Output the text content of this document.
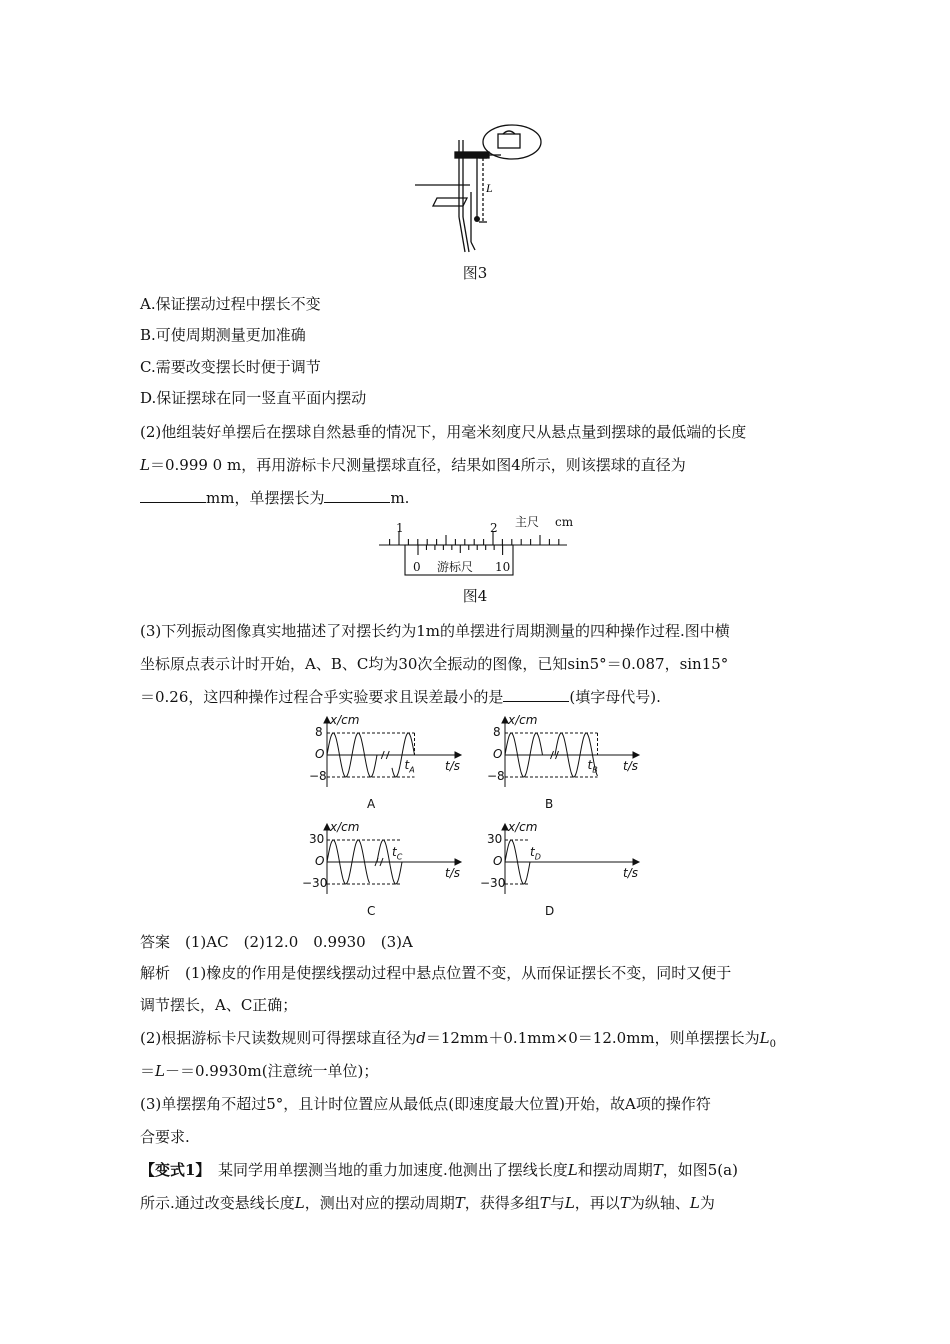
L
图3
A.保证摆动过程中摆长不变
B.可使周期测量更加准确
C.需要改变摆长时便于调节
D.保证摆球在同一竖直平面内摆动
(2)他组装好单摆后在摆球自然悬垂的情况下，用毫米刻度尺从悬点量到摆球的最低端的长度
L＝0.999 0 m，再用游标卡尺测量摆球直径，结果如图4所示，则该摆球的直径为
mm，单摆摆长为	m.
1	2 主尺 cm
0 游标尺 10
图4
(3)下列振动图像真实地描述了对摆长约为1m的单摆进行周期测量的四种操作过程.图中横
坐标原点表示计时开始，A、B、C均为30次全振动的图像，已知sin5°＝0.087，sin15°
＝0.26，这四种操作过程合乎实验要求且误差最小的是	(填字母代号).
x/cm
8
O
−8
t/s
$t_A$
A
x/cm
8
O
−8
t/s
$t_B$
B
x/cm
30
O
−30
t/s
$t_C$
C
x/cm
30
O
−30
t/s
$t_D$
D
答案　 (1)AC　(2)12.0　0.9930　(3)A
解析　 (1)橡皮的作用是使摆线摆动过程中悬点位置不变，从而保证摆长不变，同时又便于
调节摆长，A、C正确；
(2)根据游标卡尺读数规则可得摆球直径为d＝12mm＋0.1mm×0＝12.0mm，则单摆摆长为$L_0$
＝L－＝0.9930m(注意统一单位)；
(3)单摆摆角不超过5°，且计时位置应从最低点(即速度最大位置)开始，故A项的操作符
合要求.
【变式1】　 某同学用单摆测当地的重力加速度.他测出了摆线长度L和摆动周期T，如图5(a)
所示.通过改变悬线长度L，测出对应的摆动周期T，获得多组T与L，再以T为纵轴、L为
